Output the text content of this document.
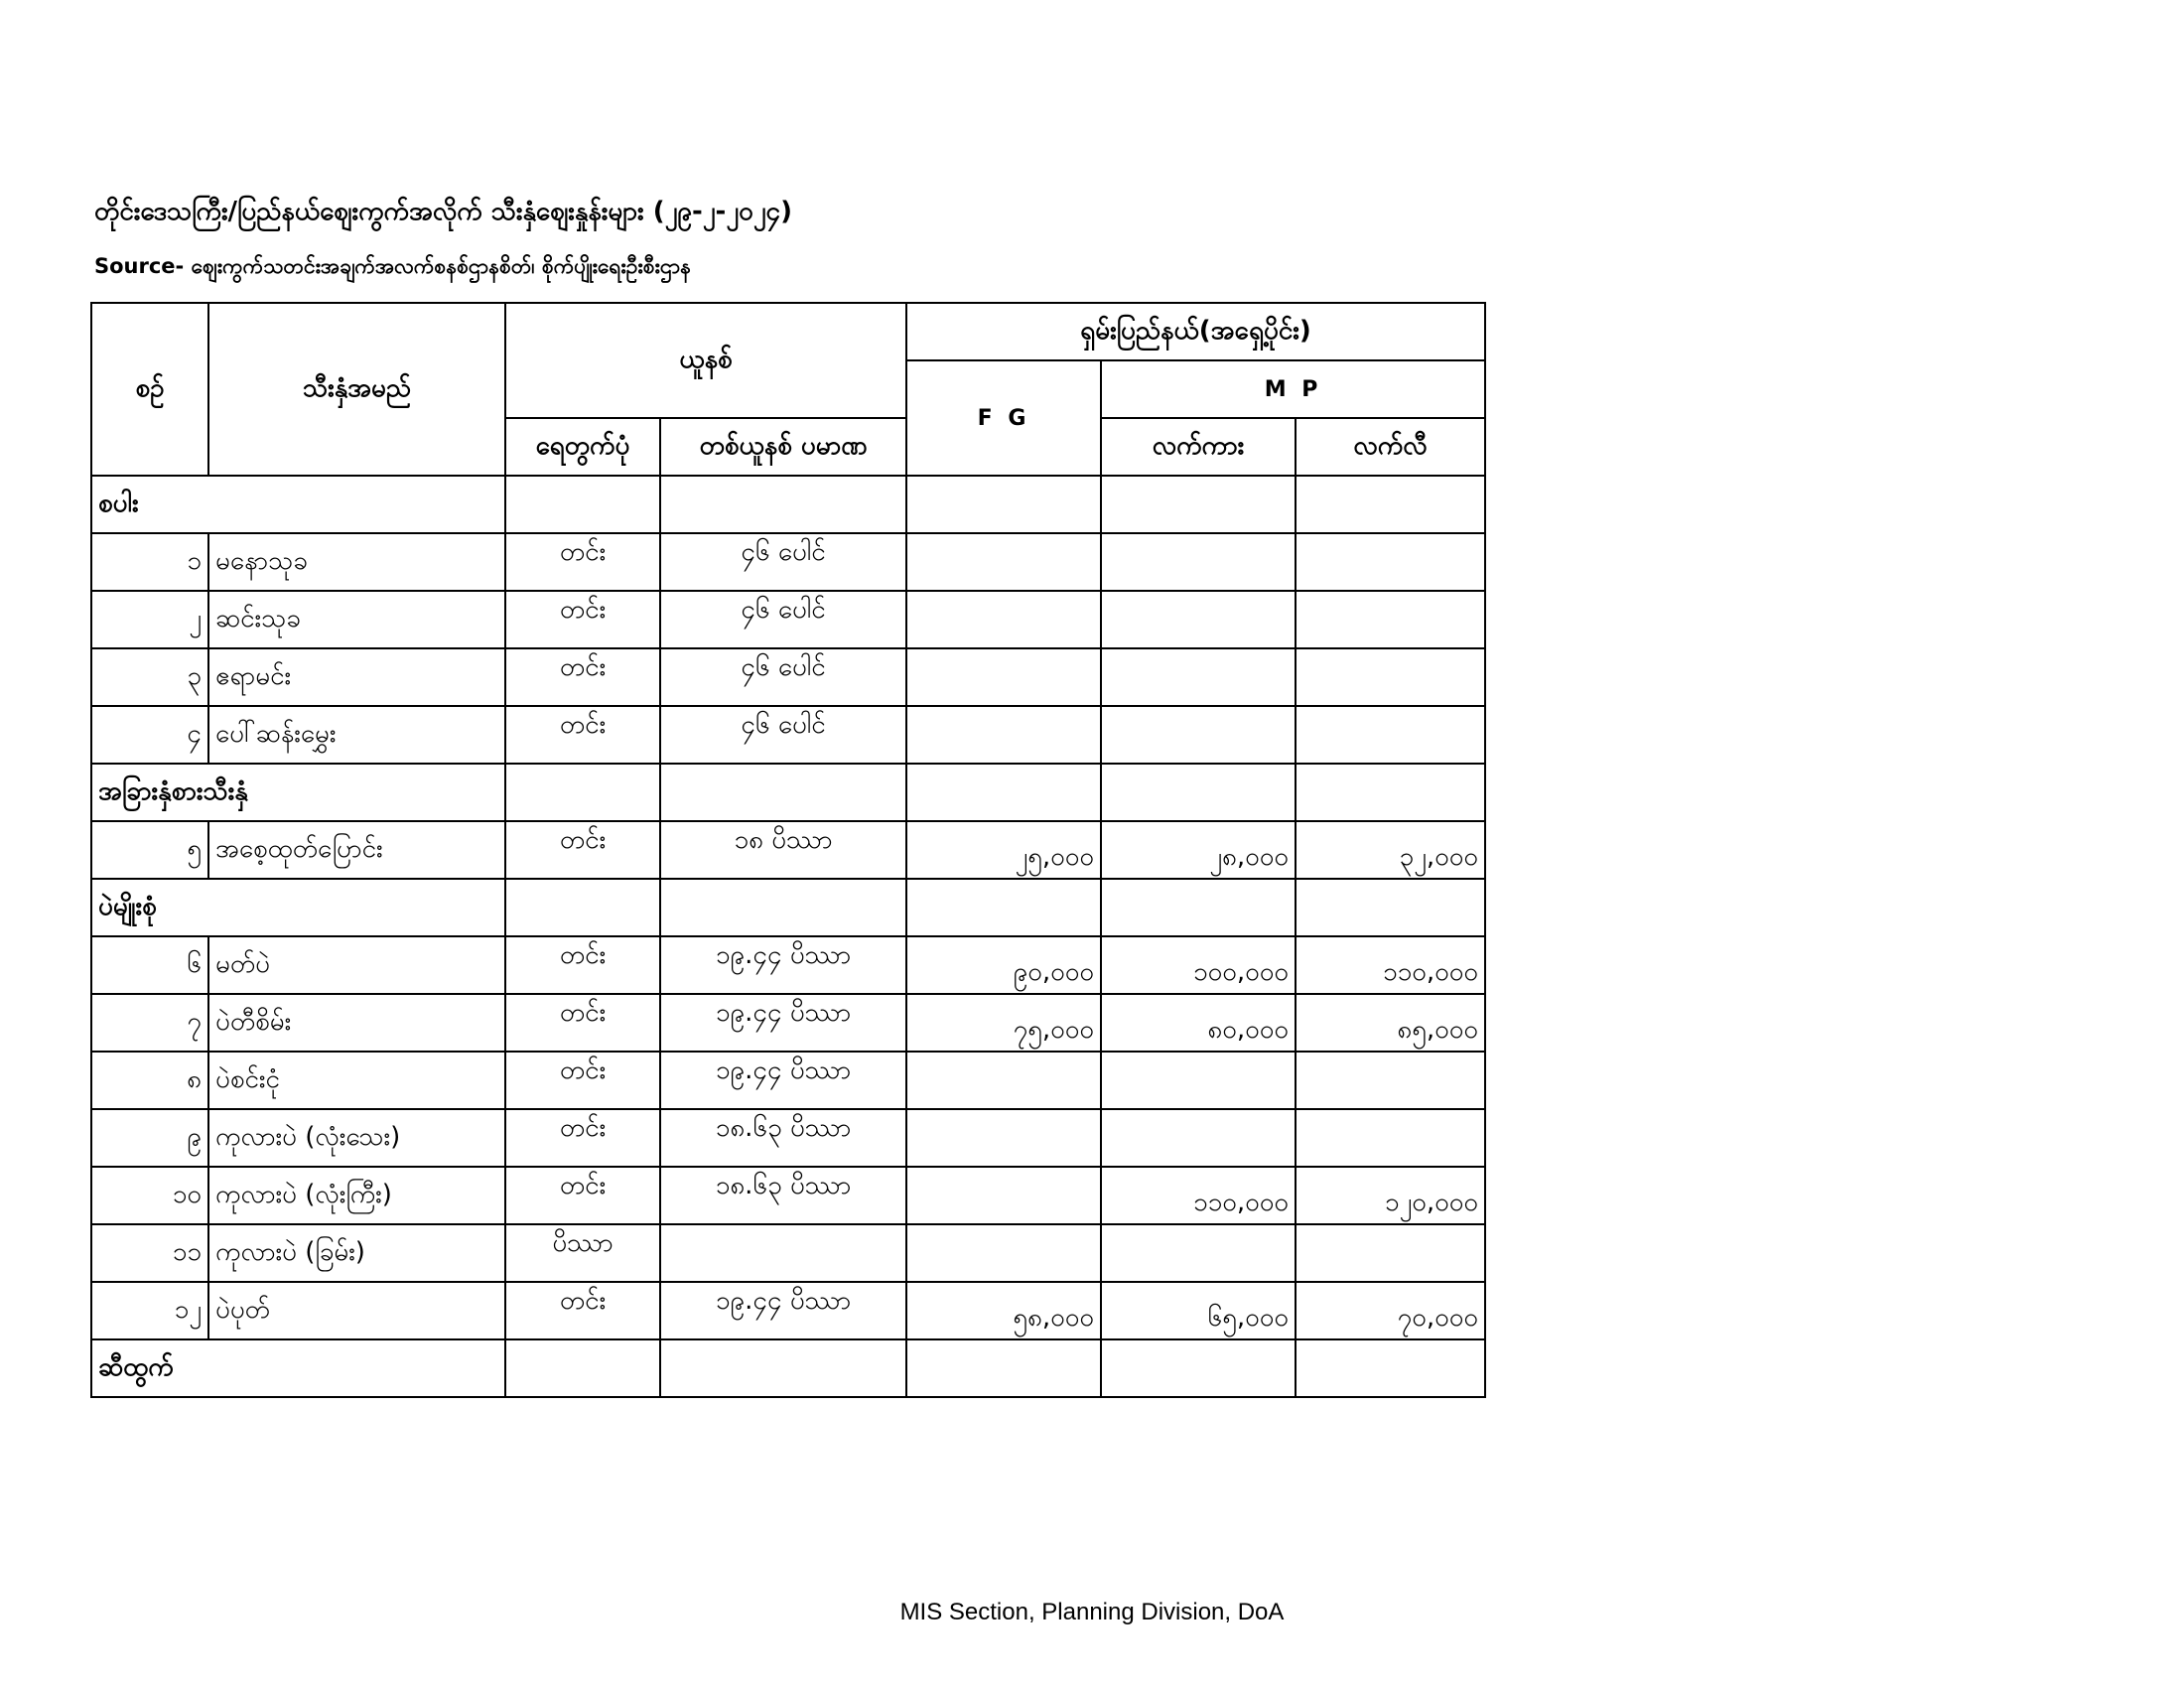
တိုင်းဒေသကြီး/ပြည်နယ်ဈေးကွက်အလိုက် သီးနှံဈေးနှုန်းများ (၂၉-၂-၂၀၂၄)
Source- ဈေးကွက်သတင်းအချက်အလက်စနစ်ဌာနစိတ်၊ စိုက်ပျိုးရေးဦးစီးဌာန
စဉ်	သီးနှံအမည်	ယူနစ်		ရှမ်းပြည်နယ်(အရှေ့ပိုင်း)		
				F G	M P	
		ရေတွက်ပုံ	တစ်ယူနစ် ပမာဏ		လက်ကား	လက်လီ
စပါး						
၁	မနောသုခ	တင်း	၄၆ ပေါင်			
၂	ဆင်းသုခ	တင်း	၄၆ ပေါင်			
၃	ဧရာမင်း	တင်း	၄၆ ပေါင်			
၄	ပေါ်ဆန်းမွှေး	တင်း	၄၆ ပေါင်			
အခြားနှံစားသီးနှံ						
၅	အစေ့ထုတ်ပြောင်း	တင်း	၁၈ ပိဿာ	၂၅,၀၀၀	၂၈,၀၀၀	၃၂,၀၀၀
ပဲမျိုးစုံ						
၆	မတ်ပဲ	တင်း	၁၉.၄၄ ပိဿာ	၉၀,၀၀၀	၁၀၀,၀၀၀	၁၁၀,၀၀၀
၇	ပဲတီစိမ်း	တင်း	၁၉.၄၄ ပိဿာ	၇၅,၀၀၀	၈၀,၀၀၀	၈၅,၀၀၀
၈	ပဲစင်းငုံ	တင်း	၁၉.၄၄ ပိဿာ			
၉	ကုလားပဲ (လုံးသေး)	တင်း	၁၈.၆၃ ပိဿာ			
၁၀	ကုလားပဲ (လုံးကြီး)	တင်း	၁၈.၆၃ ပိဿာ		၁၁၀,၀၀၀	၁၂၀,၀၀၀
၁၁	ကုလားပဲ (ခြမ်း)	ပိဿာ				
၁၂	ပဲပုတ်	တင်း	၁၉.၄၄ ပိဿာ	၅၈,၀၀၀	၆၅,၀၀၀	၇၀,၀၀၀
ဆီထွက်						
MIS Section, Planning Division, DoA
